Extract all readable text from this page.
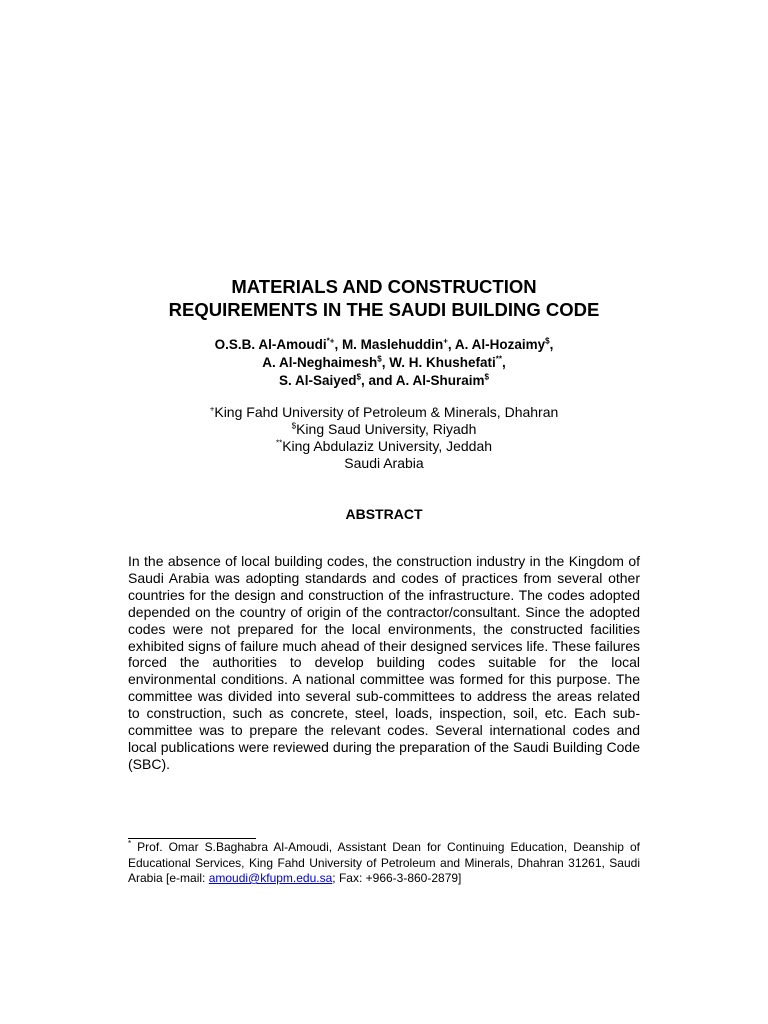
MATERIALS AND CONSTRUCTION
REQUIREMENTS IN THE SAUDI BUILDING CODE
O.S.B. Al-Amoudi*+, M. Maslehuddin+, A. Al-Hozaimy$,
A. Al-Neghaimesh$, W. H. Khushefati**,
S. Al-Saiyed$, and A. Al-Shuraim$
+King Fahd University of Petroleum & Minerals, Dhahran
$King Saud University, Riyadh
**King Abdulaziz University, Jeddah
Saudi Arabia
ABSTRACT
In the absence of local building codes, the construction industry in the Kingdom of Saudi Arabia was adopting standards and codes of practices from several other countries for the design and construction of the infrastructure. The codes adopted depended on the country of origin of the contractor/consultant. Since the adopted codes were not prepared for the local environments, the constructed facilities exhibited signs of failure much ahead of their designed services life. These failures forced the authorities to develop building codes suitable for the local environmental conditions. A national committee was formed for this purpose. The committee was divided into several sub-committees to address the areas related to construction, such as concrete, steel, loads, inspection, soil, etc. Each sub-committee was to prepare the relevant codes. Several international codes and local publications were reviewed during the preparation of the Saudi Building Code (SBC).
* Prof. Omar S.Baghabra Al-Amoudi, Assistant Dean for Continuing Education, Deanship of Educational Services, King Fahd University of Petroleum and Minerals, Dhahran 31261, Saudi Arabia [e-mail: amoudi@kfupm.edu.sa; Fax: +966-3-860-2879]
